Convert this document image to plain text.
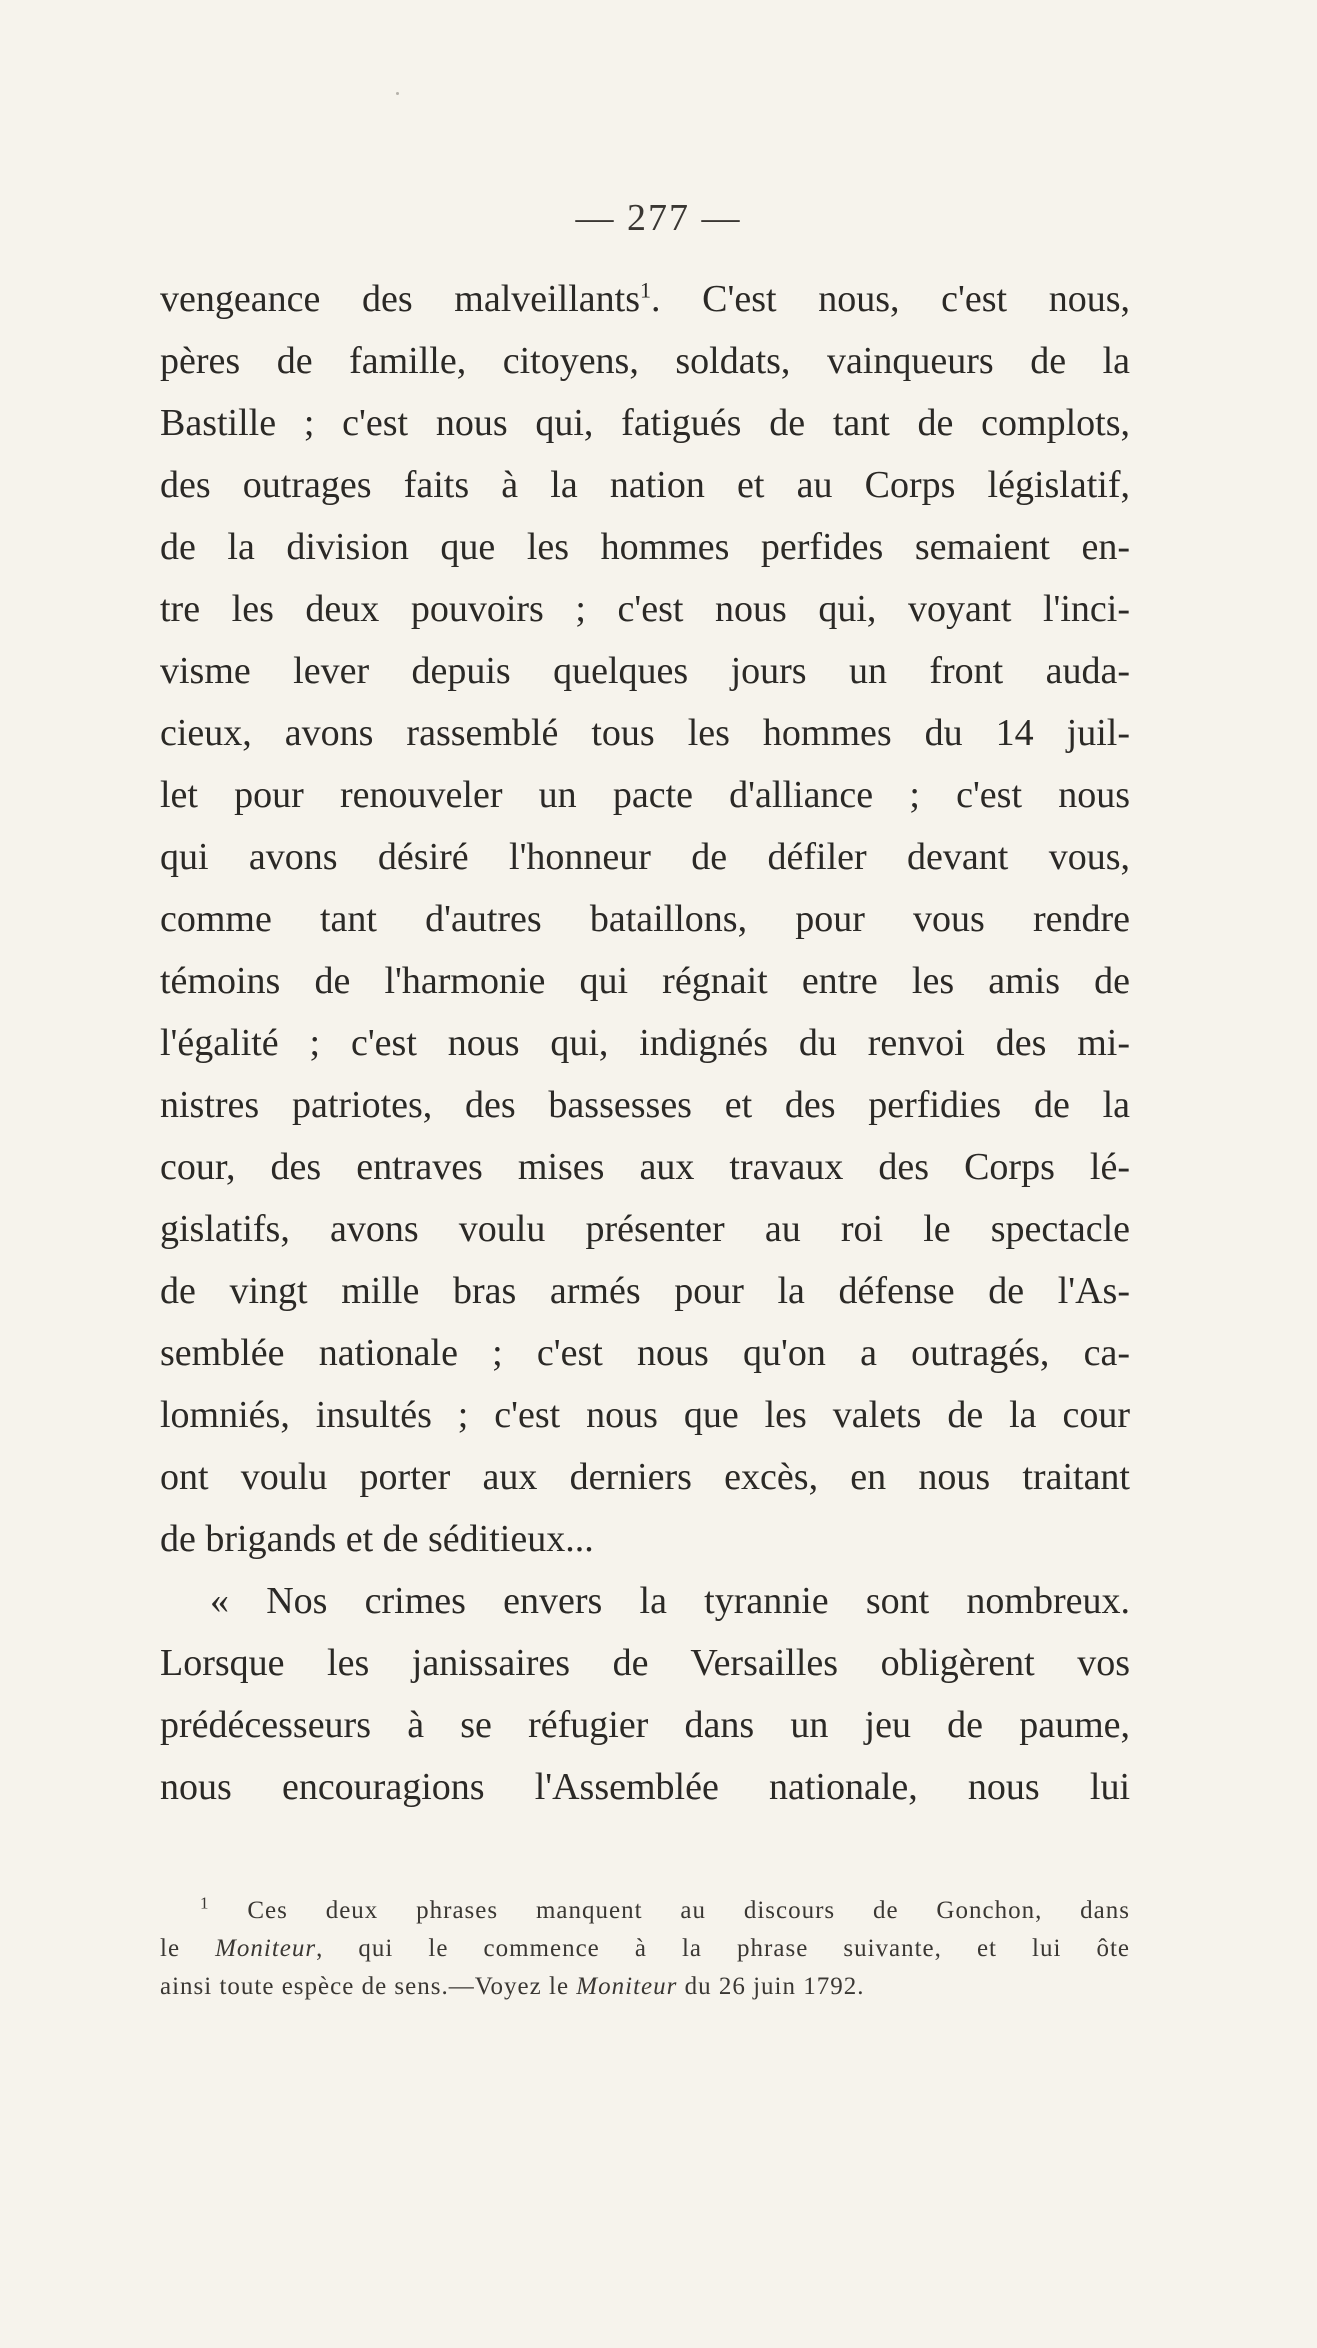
— 277 —
vengeance des malveillants$^1$. C'est nous, c'est nous,
pères de famille, citoyens, soldats, vainqueurs de la
Bastille ; c'est nous qui, fatigués de tant de complots,
des outrages faits à la nation et au Corps législatif,
de la division que les hommes perfides semaient en-
tre les deux pouvoirs ; c'est nous qui, voyant l'inci-
visme lever depuis quelques jours un front auda-
cieux, avons rassemblé tous les hommes du 14 juil-
let pour renouveler un pacte d'alliance ; c'est nous
qui avons désiré l'honneur de défiler devant vous,
comme tant d'autres bataillons, pour vous rendre
témoins de l'harmonie qui régnait entre les amis de
l'égalité ; c'est nous qui, indignés du renvoi des mi-
nistres patriotes, des bassesses et des perfidies de la
cour, des entraves mises aux travaux des Corps lé-
gislatifs, avons voulu présenter au roi le spectacle
de vingt mille bras armés pour la défense de l'As-
semblée nationale ; c'est nous qu'on a outragés, ca-
lomniés, insultés ; c'est nous que les valets de la cour
ont voulu porter aux derniers excès, en nous traitant
de brigands et de séditieux...
« Nos crimes envers la tyrannie sont nombreux.
Lorsque les janissaires de Versailles obligèrent vos
prédécesseurs à se réfugier dans un jeu de paume,
nous encouragions l'Assemblée nationale, nous lui
$^1$ Ces deux phrases manquent au discours de Gonchon, dans
le Moniteur, qui le commence à la phrase suivante, et lui ôte
ainsi toute espèce de sens.—Voyez le Moniteur du 26 juin 1792.
